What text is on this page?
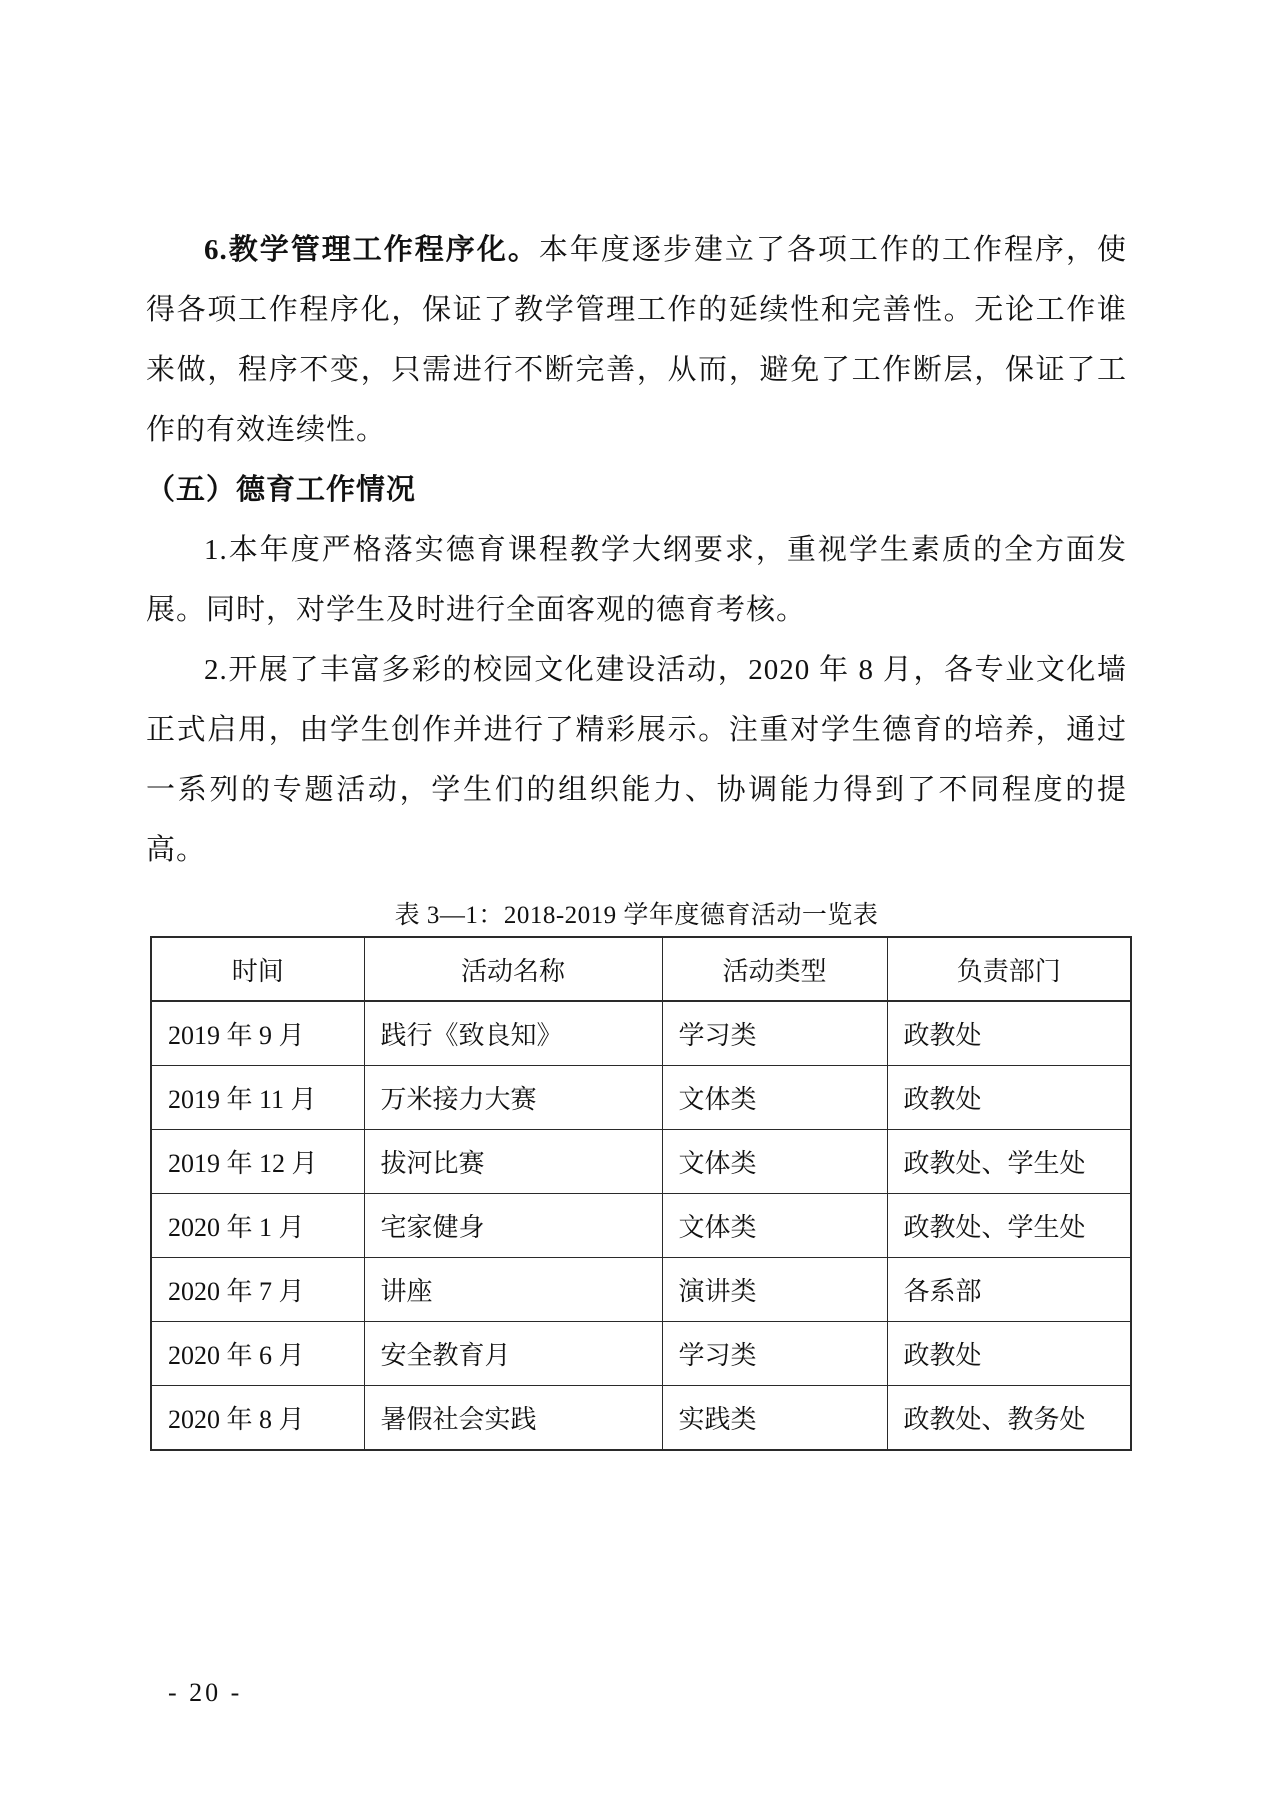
6.教学管理工作程序化。本年度逐步建立了各项工作的工作程序，使得各项工作程序化，保证了教学管理工作的延续性和完善性。无论工作谁来做，程序不变，只需进行不断完善，从而，避免了工作断层，保证了工作的有效连续性。

（五）德育工作情况

1.本年度严格落实德育课程教学大纲要求，重视学生素质的全方面发展。同时，对学生及时进行全面客观的德育考核。

2.开展了丰富多彩的校园文化建设活动，2020 年 8 月，各专业文化墙正式启用，由学生创作并进行了精彩展示。注重对学生德育的培养，通过一系列的专题活动，学生们的组织能力、协调能力得到了不同程度的提高。

表 3—1：2018-2019 学年度德育活动一览表
时间	活动名称	活动类型	负责部门
2019 年 9 月	践行《致良知》	学习类	政教处
2019 年 11 月	万米接力大赛	文体类	政教处
2019 年 12 月	拔河比赛	文体类	政教处、学生处
2020 年 1 月	宅家健身	文体类	政教处、学生处
2020 年 7 月	讲座	演讲类	各系部
2020 年 6 月	安全教育月	学习类	政教处
2020 年 8 月	暑假社会实践	实践类	政教处、教务处
- 20 -
